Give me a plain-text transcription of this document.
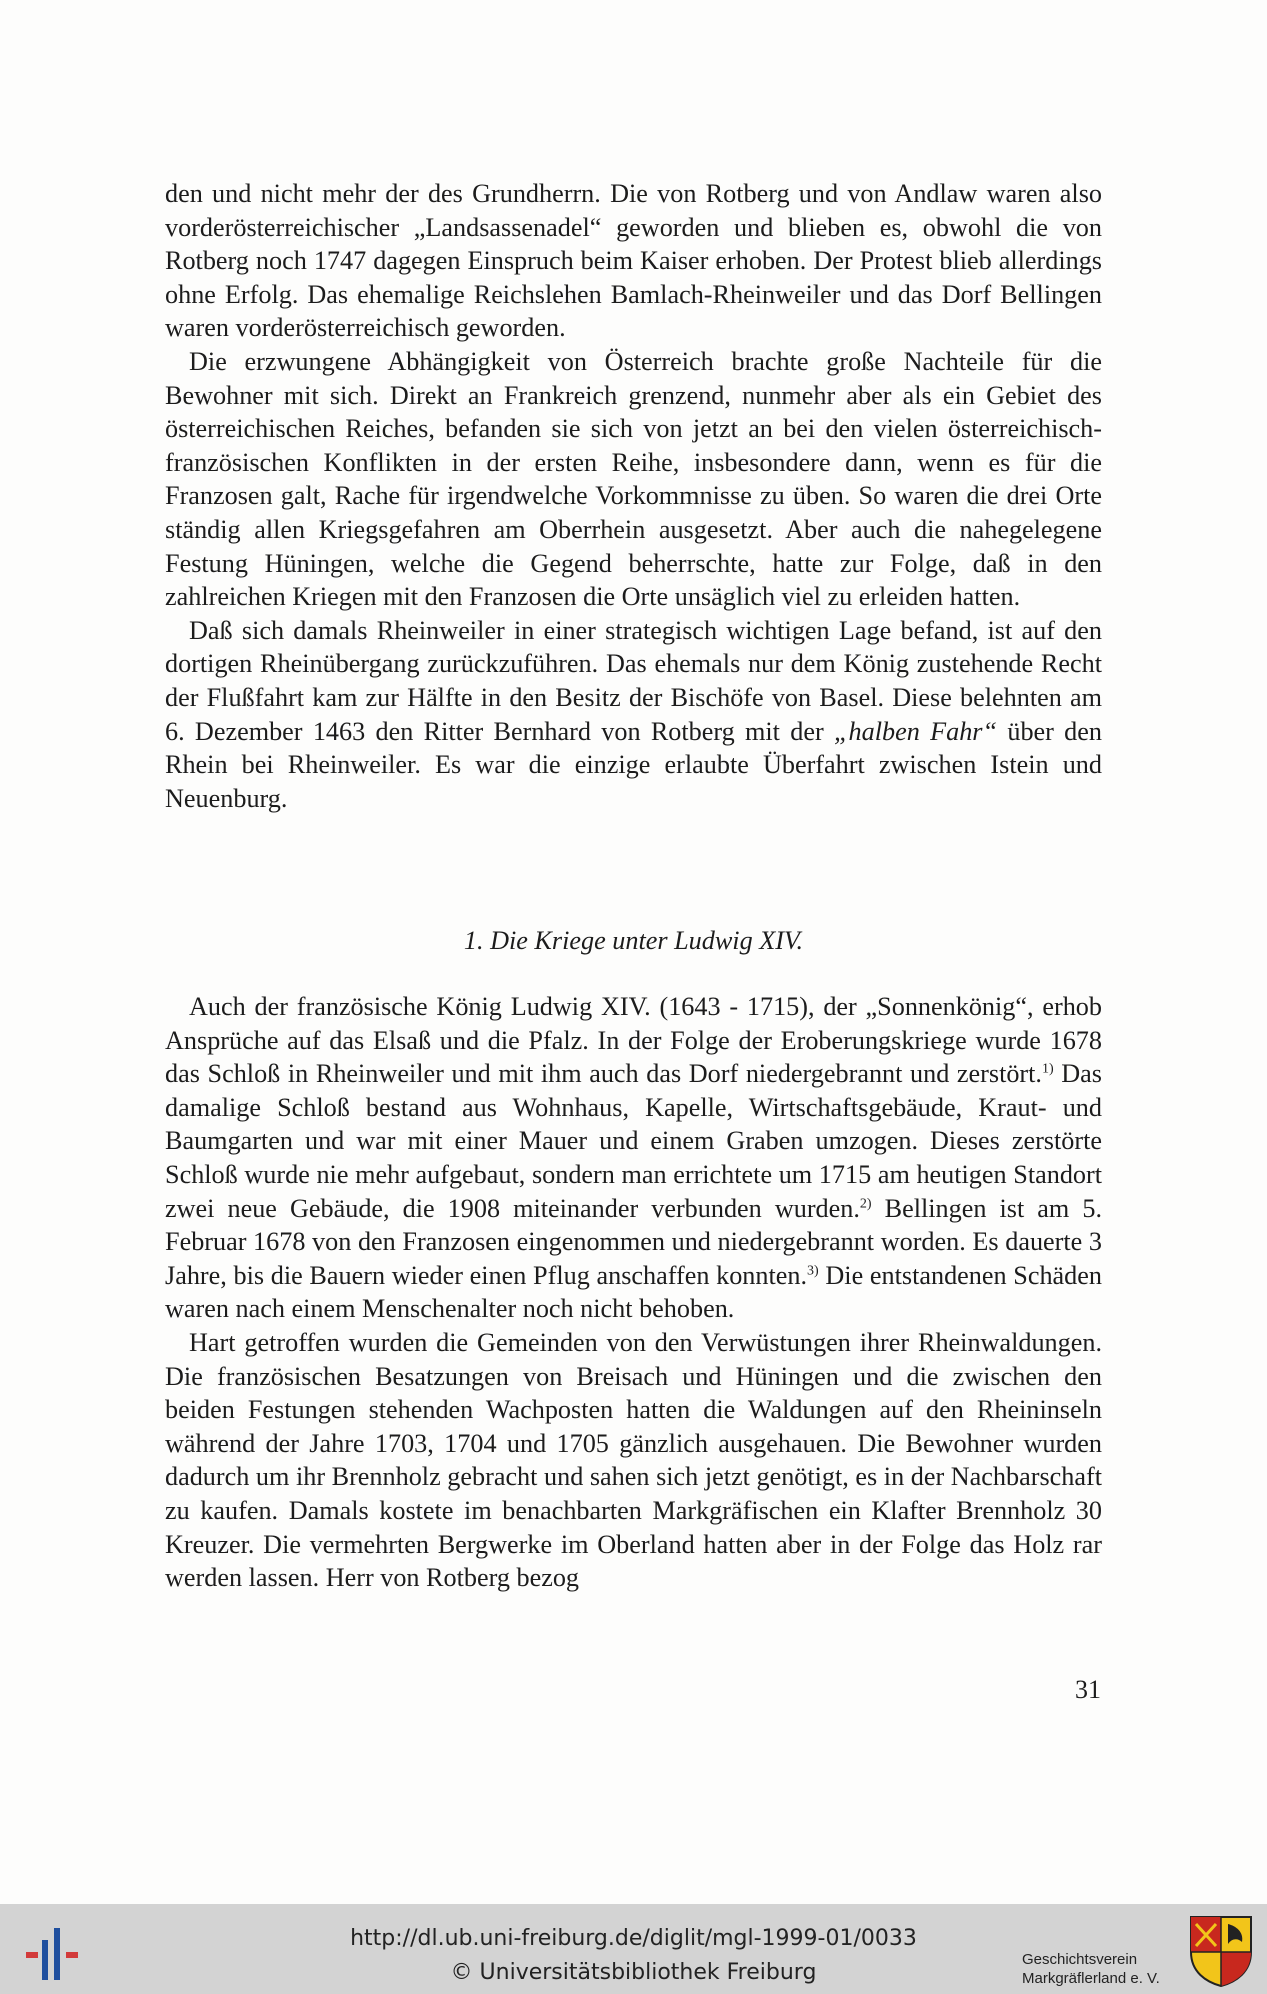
den und nicht mehr der des Grundherrn. Die von Rotberg und von Andlaw waren also vorderösterreichischer „Landsassenadel“ geworden und blieben es, obwohl die von Rotberg noch 1747 dagegen Einspruch beim Kaiser erhoben. Der Protest blieb allerdings ohne Erfolg. Das ehemalige Reichslehen Bamlach-Rheinweiler und das Dorf Bellingen waren vorderösterreichisch geworden.

Die erzwungene Abhängigkeit von Österreich brachte große Nachteile für die Bewohner mit sich. Direkt an Frankreich grenzend, nunmehr aber als ein Gebiet des österreichischen Reiches, befanden sie sich von jetzt an bei den vielen österreichisch-französischen Konflikten in der ersten Reihe, insbesondere dann, wenn es für die Franzosen galt, Rache für irgendwelche Vorkommnisse zu üben. So waren die drei Orte ständig allen Kriegsgefahren am Oberrhein ausgesetzt. Aber auch die nahegelegene Festung Hüningen, welche die Gegend beherrschte, hatte zur Folge, daß in den zahlreichen Kriegen mit den Franzosen die Orte unsäglich viel zu erleiden hatten.

Daß sich damals Rheinweiler in einer strategisch wichtigen Lage befand, ist auf den dortigen Rheinübergang zurückzuführen. Das ehemals nur dem König zustehende Recht der Flußfahrt kam zur Hälfte in den Besitz der Bischöfe von Basel. Diese belehnten am 6. Dezember 1463 den Ritter Bernhard von Rotberg mit der „halben Fahr“ über den Rhein bei Rheinweiler. Es war die einzige erlaubte Überfahrt zwischen Istein und Neuenburg.

1. Die Kriege unter Ludwig XIV.

Auch der französische König Ludwig XIV. (1643 - 1715), der „Sonnenkönig“, erhob Ansprüche auf das Elsaß und die Pfalz. In der Folge der Eroberungskriege wurde 1678 das Schloß in Rheinweiler und mit ihm auch das Dorf niedergebrannt und zerstört.$^{1)}$ Das damalige Schloß bestand aus Wohnhaus, Kapelle, Wirtschaftsgebäude, Kraut- und Baumgarten und war mit einer Mauer und einem Graben umzogen. Dieses zerstörte Schloß wurde nie mehr aufgebaut, sondern man errichtete um 1715 am heutigen Standort zwei neue Gebäude, die 1908 miteinander verbunden wurden.$^{2)}$ Bellingen ist am 5. Februar 1678 von den Franzosen eingenommen und niedergebrannt worden. Es dauerte 3 Jahre, bis die Bauern wieder einen Pflug anschaffen konnten.$^{3)}$ Die entstandenen Schäden waren nach einem Menschenalter noch nicht behoben.

Hart getroffen wurden die Gemeinden von den Verwüstungen ihrer Rheinwaldungen. Die französischen Besatzungen von Breisach und Hüningen und die zwischen den beiden Festungen stehenden Wachposten hatten die Waldungen auf den Rheininseln während der Jahre 1703, 1704 und 1705 gänzlich ausgehauen. Die Bewohner wurden dadurch um ihr Brennholz gebracht und sahen sich jetzt genötigt, es in der Nachbarschaft zu kaufen. Damals kostete im benachbarten Markgräfischen ein Klafter Brennholz 30 Kreuzer. Die vermehrten Bergwerke im Oberland hatten aber in der Folge das Holz rar werden lassen. Herr von Rotberg bezog

31
http://dl.ub.uni-freiburg.de/diglit/mgl-1999-01/0033
© Universitätsbibliothek Freiburg
Geschichtsverein
Markgräflerland e. V.
